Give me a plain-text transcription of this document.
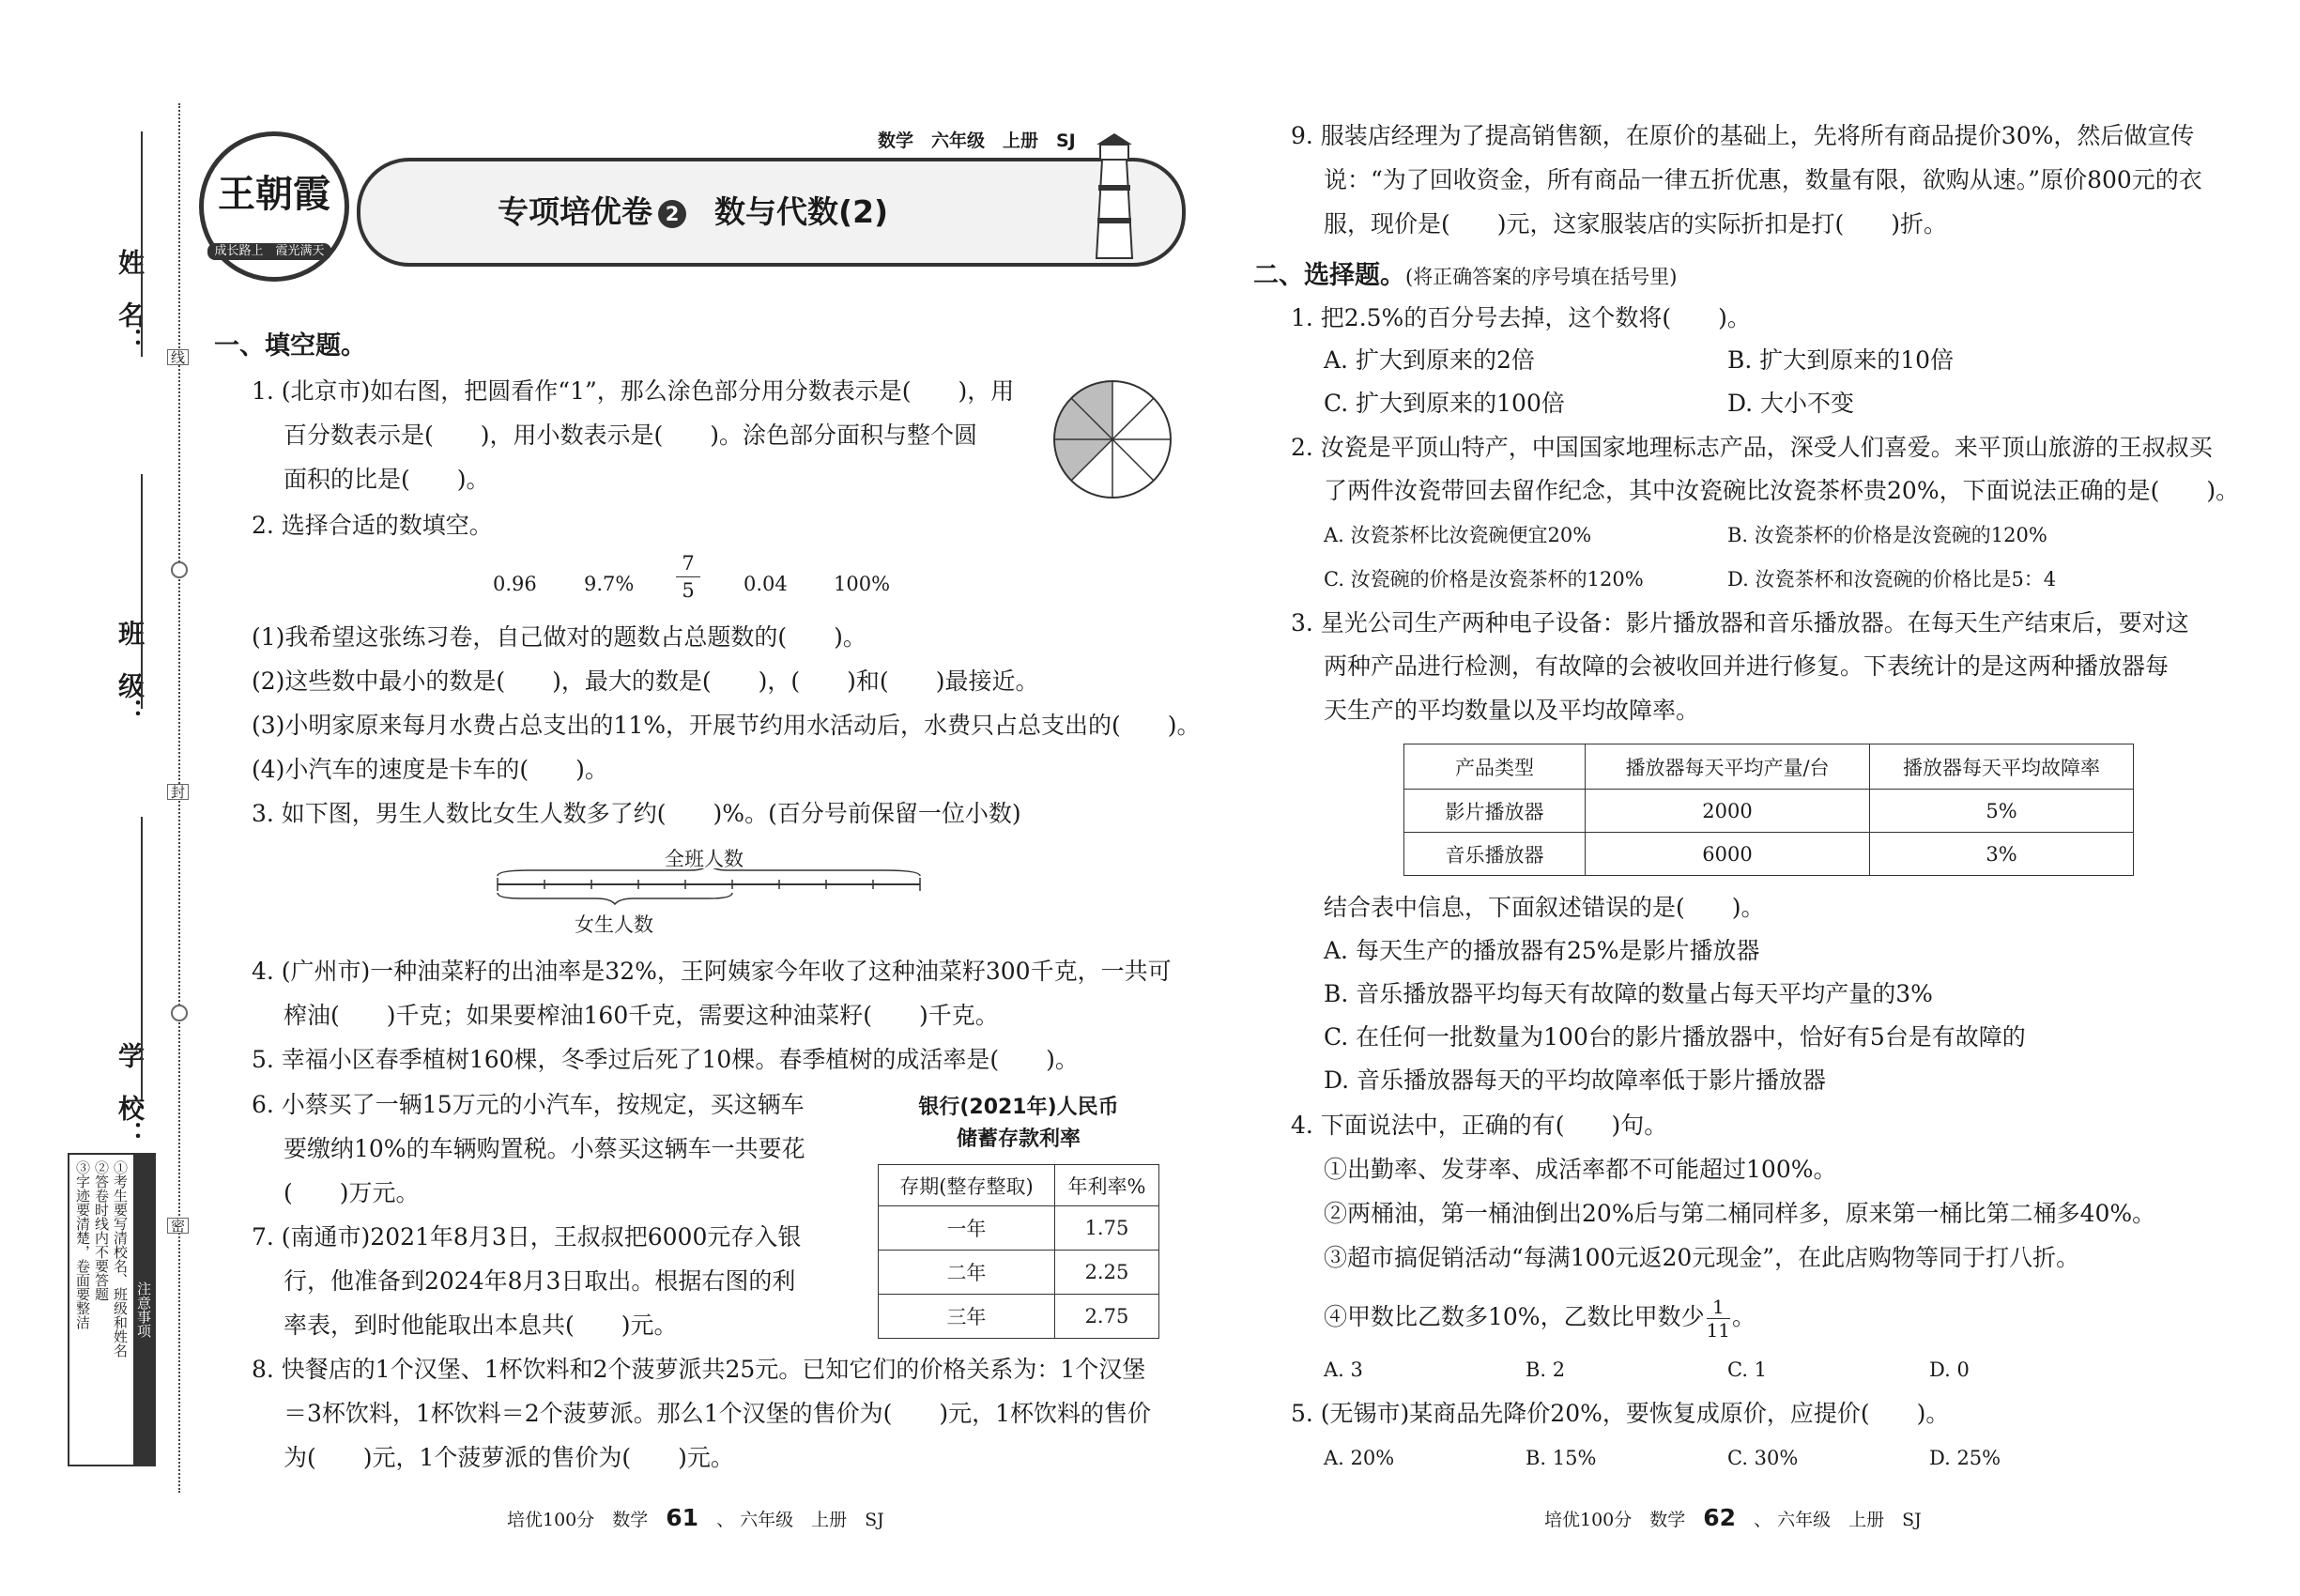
姓　名：
班　级：
学　校：
线
封
密
注意事项
①考生要写清校名、班级和姓名
②答卷时线内不要答题
③字迹要清楚，卷面要整洁
数学　六年级　上册　SJ
王朝霞
成长路上　 霞光满天
专项培优卷 2 数与代数(2)
一、填空题。
1. (北京市)如右图，把圆看作“1”，那么涂色部分用分数表示是(　　)，用
百分数表示是(　　)，用小数表示是(　　)。涂色部分面积与整个圆
面积的比是(　　)。
2. 选择合适的数填空。
0.96 9.7%
7
5	0.04 100%
(1)我希望这张练习卷，自己做对的题数占总题数的(　　)。
(2)这些数中最小的数是(　　)，最大的数是(　　)，(　　)和(　　)最接近。
(3)小明家原来每月水费占总支出的11%，开展节约用水活动后，水费只占总支出的(　　)。
(4)小汽车的速度是卡车的(　　)。
3. 如下图，男生人数比女生人数多了约(　　)%。(百分号前保留一位小数)
全班人数
女生人数
4. (广州市)一种油菜籽的出油率是32%，王阿姨家今年收了这种油菜籽300千克，一共可
榨油(　　)千克；如果要榨油160千克，需要这种油菜籽(　　)千克。
5. 幸福小区春季植树160棵，冬季过后死了10棵。春季植树的成活率是(　　)。
6. 小蔡买了一辆15万元的小汽车，按规定，买这辆车
要缴纳10%的车辆购置税。小蔡买这辆车一共要花
(　　)万元。
7. (南通市)2021年8月3日，王叔叔把6000元存入银
行，他准备到2024年8月3日取出。根据右图的利
率表，到时他能取出本息共(　　)元。
银行(2021年)人民币
储蓄存款利率
存期(整存整取)	年利率%
一年	1.75
二年	2.25
三年	2.75
8. 快餐店的1个汉堡、1杯饮料和2个菠萝派共25元。已知它们的价格关系为：1个汉堡
＝3杯饮料，1杯饮料＝2个菠萝派。那么1个汉堡的售价为(　　)元，1杯饮料的售价
为(　　)元，1个菠萝派的售价为(　　)元。
培优100分　数学　 61　 、 六年级　上册　SJ
9. 服装店经理为了提高销售额，在原价的基础上，先将所有商品提价30%，然后做宣传
说：“为了回收资金，所有商品一律五折优惠，数量有限，欲购从速。”原价800元的衣
服，现价是(　　)元，这家服装店的实际折扣是打(　　)折。
二、选择题。(将正确答案的序号填在括号里)
1. 把2.5%的百分号去掉，这个数将(　　)。
A. 扩大到原来的2倍	B. 扩大到原来的10倍
C. 扩大到原来的100倍	D. 大小不变
2. 汝瓷是平顶山特产，中国国家地理标志产品，深受人们喜爱。来平顶山旅游的王叔叔买
了两件汝瓷带回去留作纪念，其中汝瓷碗比汝瓷茶杯贵20%，下面说法正确的是(　　)。
A. 汝瓷茶杯比汝瓷碗便宜20%	B. 汝瓷茶杯的价格是汝瓷碗的120%
C. 汝瓷碗的价格是汝瓷茶杯的120%	D. 汝瓷茶杯和汝瓷碗的价格比是5：4
3. 星光公司生产两种电子设备：影片播放器和音乐播放器。在每天生产结束后，要对这
两种产品进行检测，有故障的会被收回并进行修复。下表统计的是这两种播放器每
天生产的平均数量以及平均故障率。
产品类型	播放器每天平均产量/台	播放器每天平均故障率
影片播放器	2000	5%
音乐播放器	6000	3%
结合表中信息，下面叙述错误的是(　　)。
A. 每天生产的播放器有25%是影片播放器
B. 音乐播放器平均每天有故障的数量占每天平均产量的3%
C. 在任何一批数量为100台的影片播放器中，恰好有5台是有故障的
D. 音乐播放器每天的平均故障率低于影片播放器
4. 下面说法中，正确的有(　　)句。
①出勤率、发芽率、成活率都不可能超过100%。
②两桶油，第一桶油倒出20%后与第二桶同样多，原来第一桶比第二桶多40%。
③超市搞促销活动“每满100元返20元现金”，在此店购物等同于打八折。
④甲数比乙数多10%，乙数比甲数少 $\frac{1}{11}$ 。
A. 3	B. 2	C. 1	D. 0
5. (无锡市)某商品先降价20%，要恢复成原价，应提价(　　)。
A. 20%	B. 15%	C. 30%	D. 25%
培优100分　数学　 62　 、 六年级　上册　SJ
